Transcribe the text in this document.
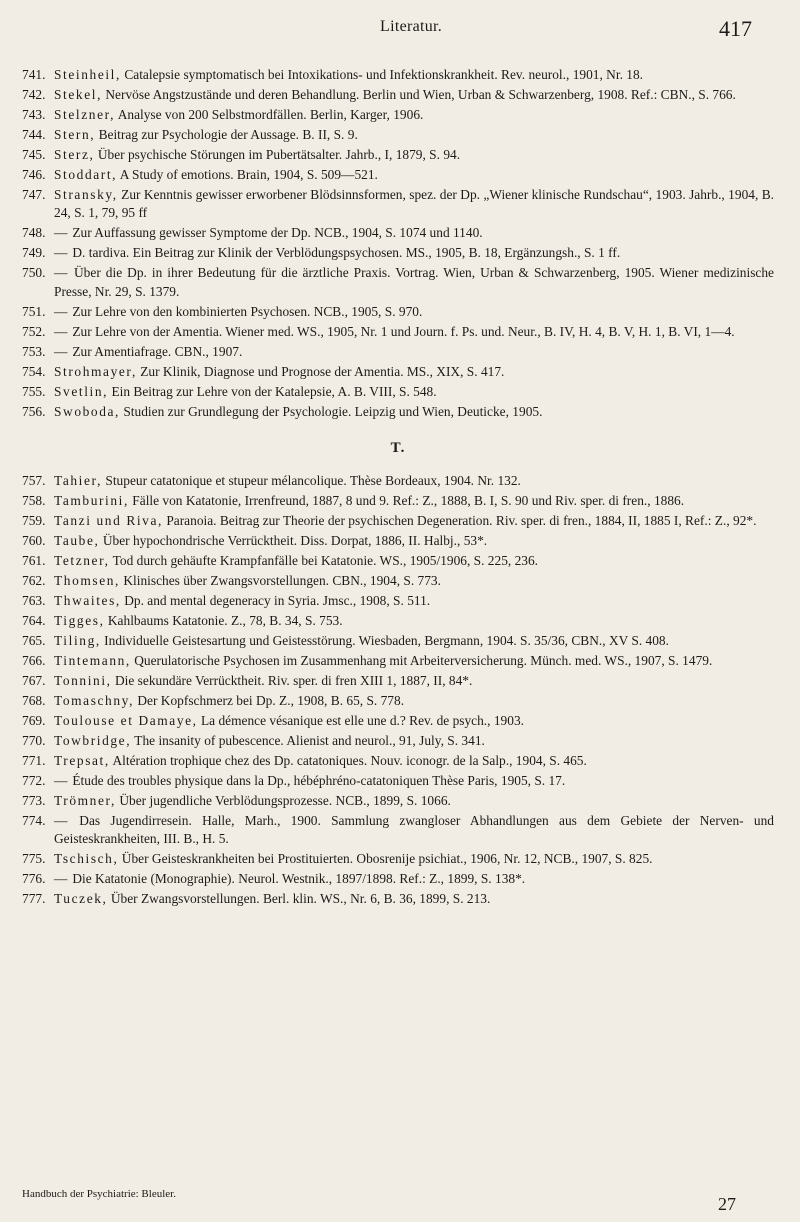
Literatur.	417
741. Steinheil, Catalepsie symptomatisch bei Intoxikations- und Infektionskrankheit. Rev. neurol., 1901, Nr. 18.
742. Stekel, Nervöse Angstzustände und deren Behandlung. Berlin und Wien, Urban & Schwarzenberg, 1908. Ref.: CBN., S. 766.
743. Stelzner, Analyse von 200 Selbstmordfällen. Berlin, Karger, 1906.
744. Stern, Beitrag zur Psychologie der Aussage. B. II, S. 9.
745. Sterz, Über psychische Störungen im Pubertätsalter. Jahrb., I, 1879, S. 94.
746. Stoddart, A Study of emotions. Brain, 1904, S. 509—521.
747. Stransky, Zur Kenntnis gewisser erworbener Blödsinnsformen, spez. der Dp. „Wiener klinische Rundschau“, 1903. Jahrb., 1904, B. 24, S. 1, 79, 95 ff
748. — Zur Auffassung gewisser Symptome der Dp. NCB., 1904, S. 1074 und 1140.
749. — D. tardiva. Ein Beitrag zur Klinik der Verblödungspsychosen. MS., 1905, B. 18, Ergänzungsh., S. 1 ff.
750. — Über die Dp. in ihrer Bedeutung für die ärztliche Praxis. Vortrag. Wien, Urban & Schwarzenberg, 1905. Wiener medizinische Presse, Nr. 29, S. 1379.
751. — Zur Lehre von den kombinierten Psychosen. NCB., 1905, S. 970.
752. — Zur Lehre von der Amentia. Wiener med. WS., 1905, Nr. 1 und Journ. f. Ps. und. Neur., B. IV, H. 4, B. V, H. 1, B. VI, 1—4.
753. — Zur Amentiafrage. CBN., 1907.
754. Strohmayer, Zur Klinik, Diagnose und Prognose der Amentia. MS., XIX, S. 417.
755. Svetlin, Ein Beitrag zur Lehre von der Katalepsie, A. B. VIII, S. 548.
756. Swoboda, Studien zur Grundlegung der Psychologie. Leipzig und Wien, Deuticke, 1905.
T.
757. Tahier, Stupeur catatonique et stupeur mélancolique. Thèse Bordeaux, 1904. Nr. 132.
758. Tamburini, Fälle von Katatonie, Irrenfreund, 1887, 8 und 9. Ref.: Z., 1888, B. I, S. 90 und Riv. sper. di fren., 1886.
759. Tanzi und Riva, Paranoia. Beitrag zur Theorie der psychischen Degeneration. Riv. sper. di fren., 1884, II, 1885 I, Ref.: Z., 92*.
760. Taube, Über hypochondrische Verrücktheit. Diss. Dorpat, 1886, II. Halbj., 53*.
761. Tetzner, Tod durch gehäufte Krampfanfälle bei Katatonie. WS., 1905/1906, S. 225, 236.
762. Thomsen, Klinisches über Zwangsvorstellungen. CBN., 1904, S. 773.
763. Thwaites, Dp. and mental degeneracy in Syria. Jmsc., 1908, S. 511.
764. Tigges, Kahlbaums Katatonie. Z., 78, B. 34, S. 753.
765. Tiling, Individuelle Geistesartung und Geistesstörung. Wiesbaden, Bergmann, 1904. S. 35/36, CBN., XV S. 408.
766. Tintemann, Querulatorische Psychosen im Zusammenhang mit Arbeiterversicherung. Münch. med. WS., 1907, S. 1479.
767. Tonnini, Die sekundäre Verrücktheit. Riv. sper. di fren XIII 1, 1887, II, 84*.
768. Tomaschny, Der Kopfschmerz bei Dp. Z., 1908, B. 65, S. 778.
769. Toulouse et Damaye, La démence vésanique est elle une d.? Rev. de psych., 1903.
770. Towbridge, The insanity of pubescence. Alienist and neurol., 91, July, S. 341.
771. Trepsat, Altération trophique chez des Dp. catatoniques. Nouv. iconogr. de la Salp., 1904, S. 465.
772. — Étude des troubles physique dans la Dp., hébéphréno-catatoniquen Thèse Paris, 1905, S. 17.
773. Trömner, Über jugendliche Verblödungsprozesse. NCB., 1899, S. 1066.
774. — Das Jugendirresein. Halle, Marh., 1900. Sammlung zwangloser Abhandlungen aus dem Gebiete der Nerven- und Geisteskrankheiten, III. B., H. 5.
775. Tschisch, Über Geisteskrankheiten bei Prostituierten. Obosrenije psichiat., 1906, Nr. 12, NCB., 1907, S. 825.
776. — Die Katatonie (Monographie). Neurol. Westnik., 1897/1898. Ref.: Z., 1899, S. 138*.
777. Tuczek, Über Zwangsvorstellungen. Berl. klin. WS., Nr. 6, B. 36, 1899, S. 213.
Handbuch der Psychiatrie: Bleuler.	27
